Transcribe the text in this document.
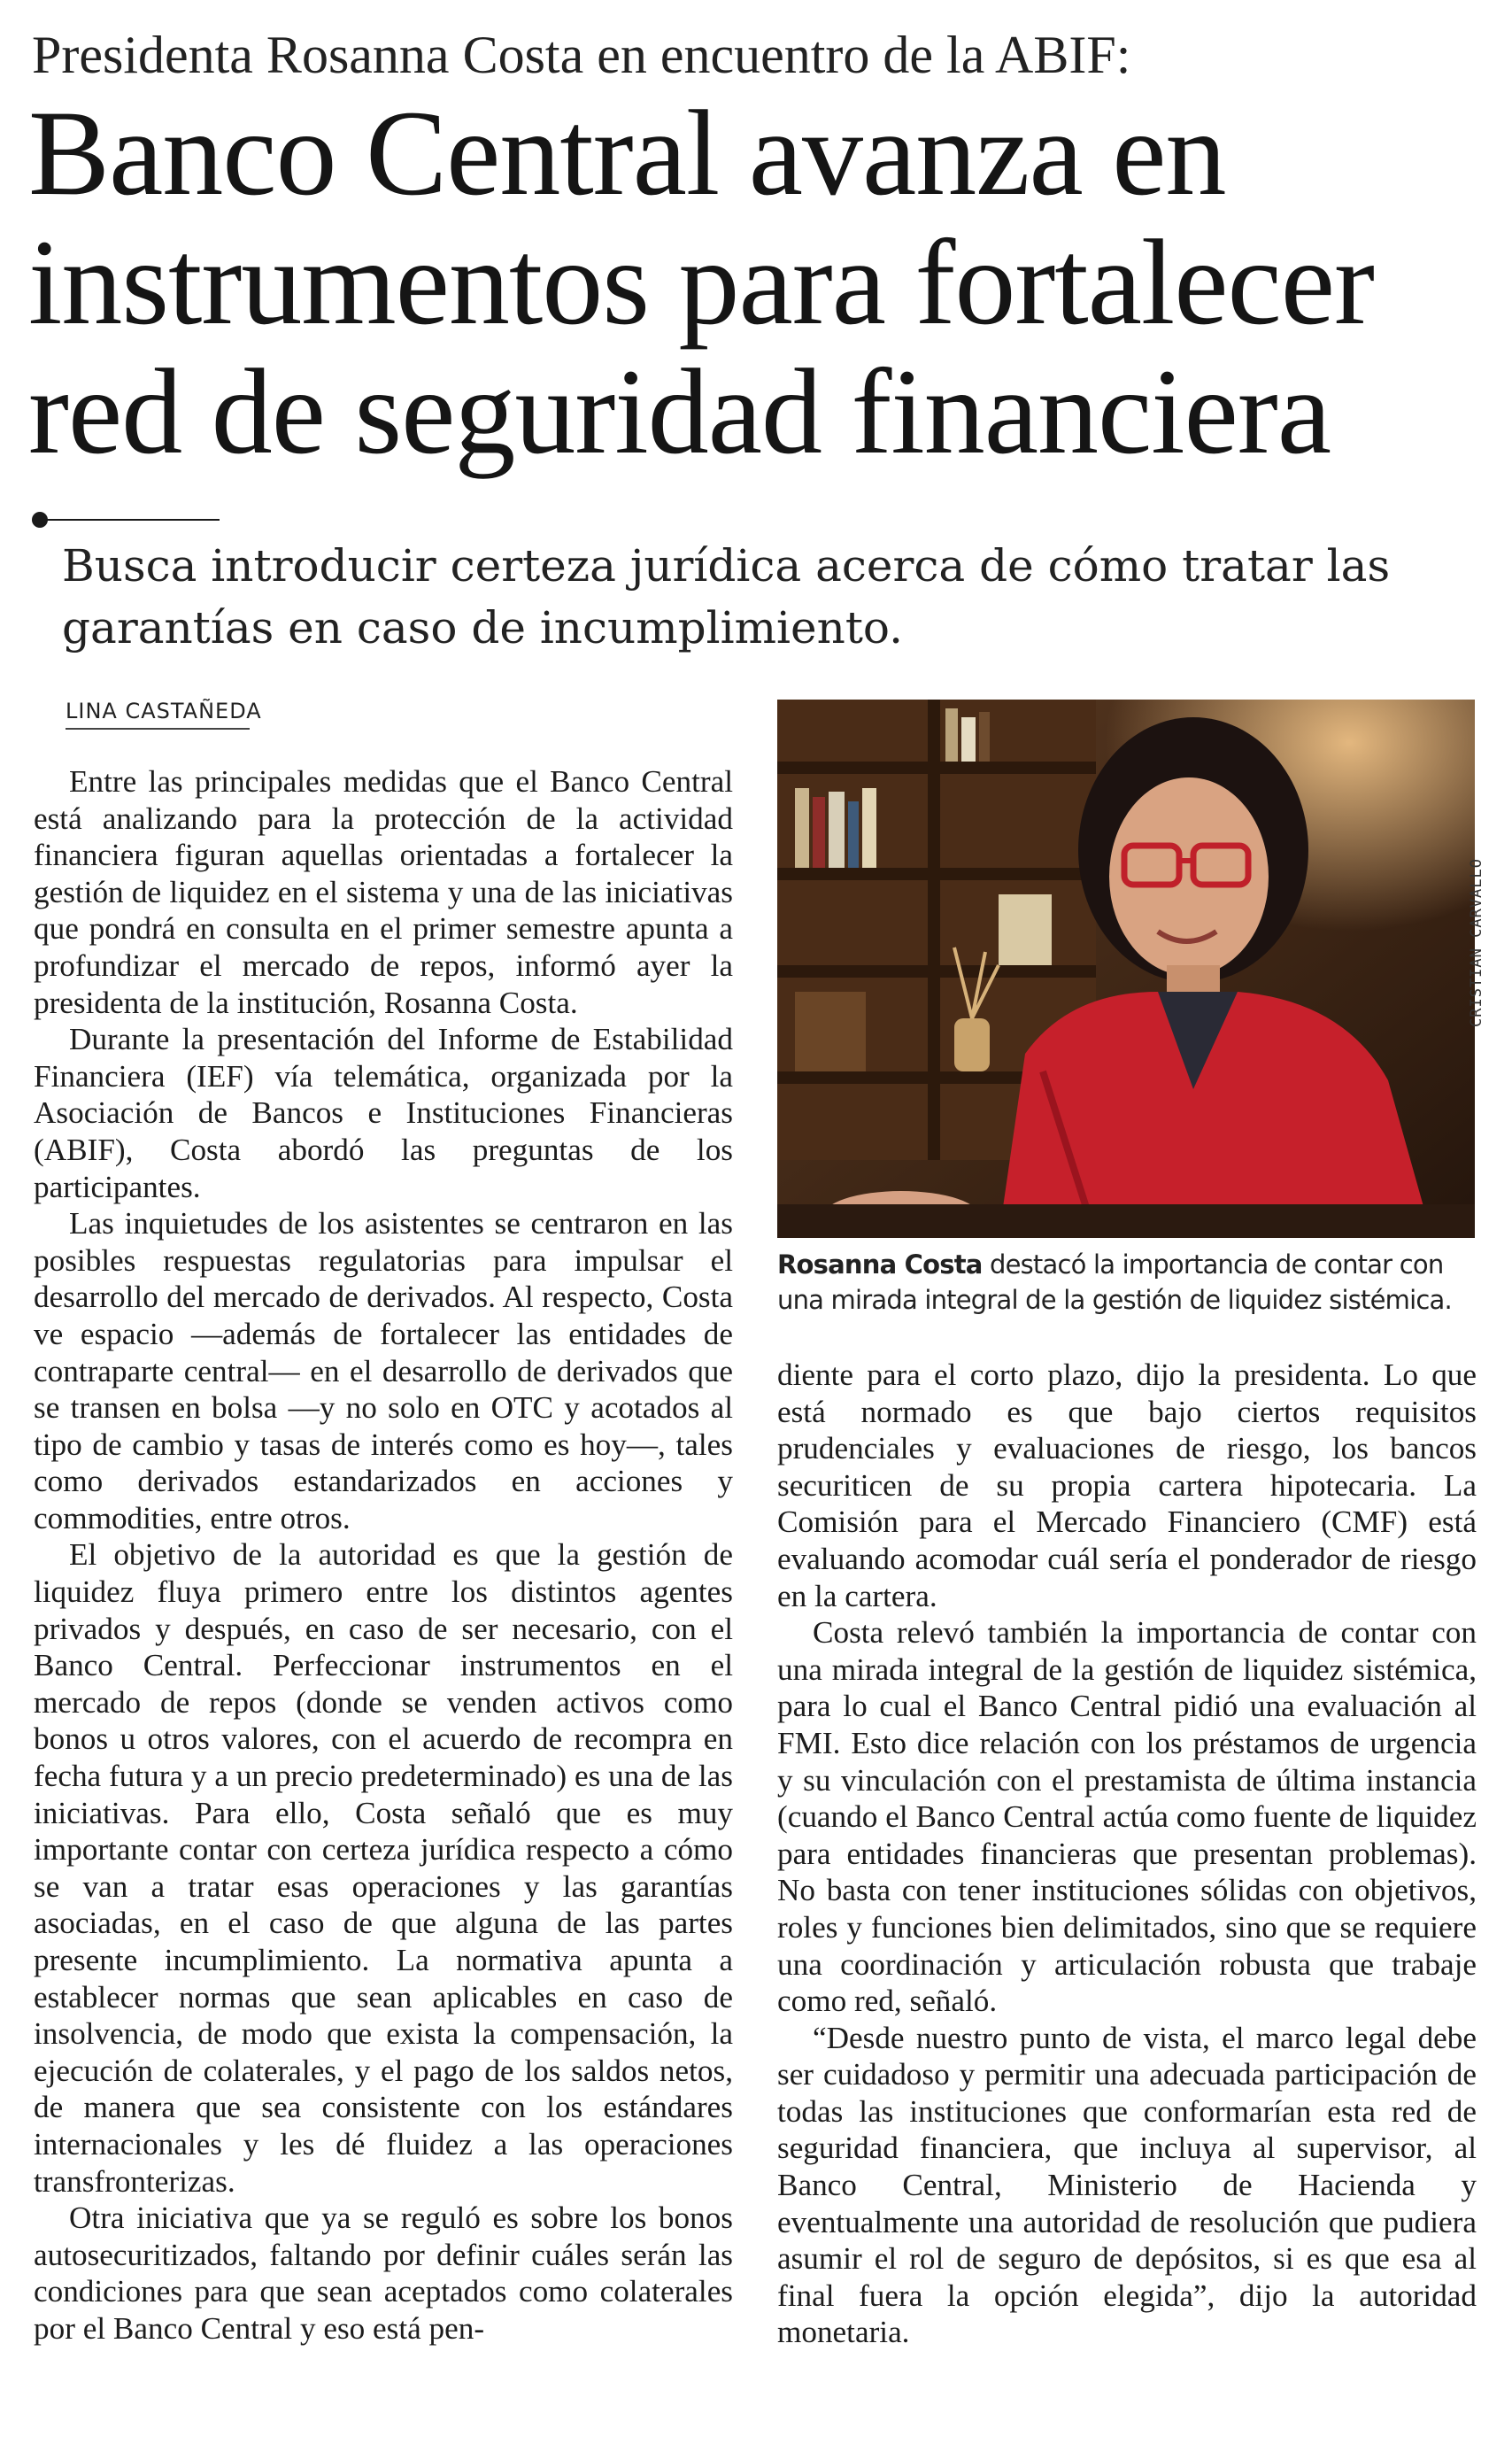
Presidenta Rosanna Costa en encuentro de la ABIF:
Banco Central avanza en
instrumentos para fortalecer
red de seguridad financiera
Busca introducir certeza jurídica acerca de cómo tratar las garantías en caso de incumplimiento.
LINA CASTAÑEDA

Entre las principales medidas que el Banco Central está analizando para la protección de la actividad financiera figuran aquellas orientadas a fortalecer la gestión de liquidez en el sistema y una de las iniciativas que pondrá en consulta en el primer semestre apunta a profundizar el mercado de repos, informó ayer la presidenta de la institución, Rosanna Costa.

Durante la presentación del Informe de Estabilidad Financiera (IEF) vía telemática, organizada por la Asociación de Bancos e Instituciones Financieras (ABIF), Costa abordó las preguntas de los participantes.

Las inquietudes de los asistentes se centraron en las posibles respuestas regulatorias para impulsar el desarrollo del mercado de derivados. Al respecto, Costa ve espacio —además de fortalecer las entidades de contraparte central— en el desarrollo de derivados que se transen en bolsa —y no solo en OTC y acotados al tipo de cambio y tasas de interés como es hoy—, tales como derivados estandarizados en acciones y commodities, entre otros.

El objetivo de la autoridad es que la gestión de liquidez fluya primero entre los distintos agentes privados y después, en caso de ser necesario, con el Banco Central. Perfeccionar instrumentos en el mercado de repos (donde se venden activos como bonos u otros valores, con el acuerdo de recompra en fecha futura y a un precio predeterminado) es una de las iniciativas. Para ello, Costa señaló que es muy importante contar con certeza jurídica respecto a cómo se van a tratar esas operaciones y las garantías asociadas, en el caso de que alguna de las partes presente incumplimiento. La normativa apunta a establecer normas que sean aplicables en caso de insolvencia, de modo que exista la compensación, la ejecución de colaterales, y el pago de los saldos netos, de manera que sea consistente con los estándares internacionales y les dé fluidez a las operaciones transfronterizas.

Otra iniciativa que ya se reguló es sobre los bonos autosecuritizados, faltando por definir cuáles serán las condiciones para que sean aceptados como colaterales por el Banco Central y eso está pen-

CRISTIAN CARVALLO
Rosanna Costa destacó la importancia de contar con una mirada integral de la gestión de liquidez sistémica.

diente para el corto plazo, dijo la presidenta. Lo que está normado es que bajo ciertos requisitos prudenciales y evaluaciones de riesgo, los bancos securiticen de su propia cartera hipotecaria. La Comisión para el Mercado Financiero (CMF) está evaluando acomodar cuál sería el ponderador de riesgo en la cartera.

Costa relevó también la importancia de contar con una mirada integral de la gestión de liquidez sistémica, para lo cual el Banco Central pidió una evaluación al FMI. Esto dice relación con los préstamos de urgencia y su vinculación con el prestamista de última instancia (cuando el Banco Central actúa como fuente de liquidez para entidades financieras que presentan problemas). No basta con tener instituciones sólidas con objetivos, roles y funciones bien delimitados, sino que se requiere una coordinación y articulación robusta que trabaje como red, señaló.

“Desde nuestro punto de vista, el marco legal debe ser cuidadoso y permitir una adecuada participación de todas las instituciones que conformarían esta red de seguridad financiera, que incluya al supervisor, al Banco Central, Ministerio de Hacienda y eventualmente una autoridad de resolución que pudiera asumir el rol de seguro de depósitos, si es que esa al final fuera la opción elegida”, dijo la autoridad monetaria.
